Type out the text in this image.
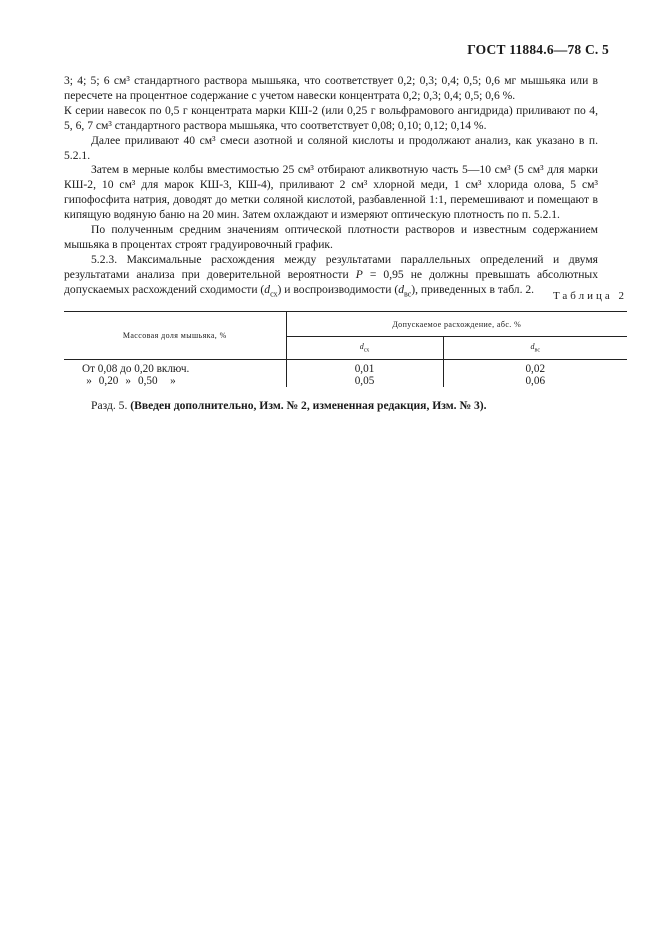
ГОСТ 11884.6—78 С. 5

3; 4; 5; 6 см³ стандартного раствора мышьяка, что соответствует 0,2; 0,3; 0,4; 0,5; 0,6 мг мышьяка или в пересчете на процентное содержание с учетом навески концентрата 0,2; 0,3; 0,4; 0,5; 0,6 %.

К серии навесок по 0,5 г концентрата марки КШ-2 (или 0,25 г вольфрамового ангидрида) приливают по 4, 5, 6, 7 см³ стандартного раствора мышьяка, что соответствует 0,08; 0,10; 0,12; 0,14 %.

Далее приливают 40 см³ смеси азотной и соляной кислоты и продолжают анализ, как указано в п. 5.2.1.

Затем в мерные колбы вместимостью 25 см³ отбирают аликвотную часть 5—10 см³ (5 см³ для марки КШ-2, 10 см³ для марок КШ-3, КШ-4), приливают 2 см³ хлорной меди, 1 см³ хлорида олова, 5 см³ гипофосфита натрия, доводят до метки соляной кислотой, разбавленной 1:1, перемешивают и помещают в кипящую водяную баню на 20 мин. Затем охлаждают и измеряют оптическую плотность по п. 5.2.1.

По полученным средним значениям оптической плотности растворов и известным содержанием мышьяка в процентах строят градуировочный график.

5.2.3. Максимальные расхождения между результатами параллельных определений и двумя результатами анализа при доверительной вероятности P = 0,95 не должны превышать абсолютных допускаемых расхождений сходимости $(d_{сх})$ и воспроизводимости $(d_{вс})$, приведенных в табл. 2.

Таблица 2
Массовая доля мышьяка, %	Допускаемое расхождение, абс. %	
	$d_{сх}$	$d_{вс}$
От 0,08 до 0,20 включ.	0,01	0,02
» 0,20 » 0,50 »	0,05	0,06
Разд. 5. (Введен дополнительно, Изм. № 2, измененная редакция, Изм. № 3).
